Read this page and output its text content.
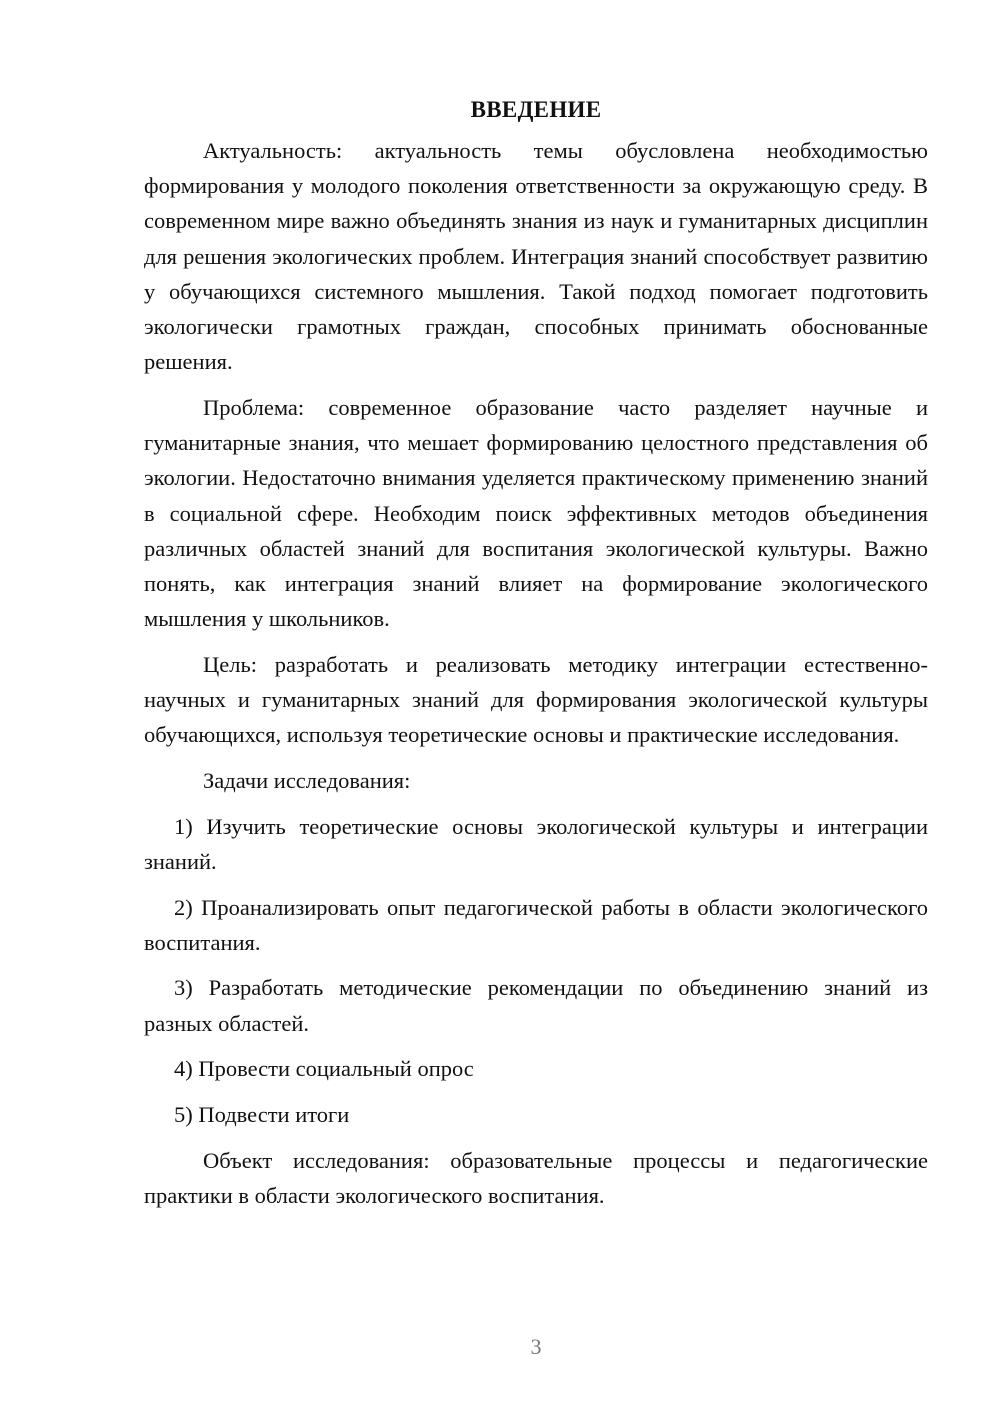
ВВЕДЕНИЕ

Актуальность: актуальность темы обусловлена необходимостью формирования у молодого поколения ответственности за окружающую среду. В современном мире важно объединять знания из наук и гуманитарных дисциплин для решения экологических проблем. Интеграция знаний способствует развитию у обучающихся системного мышления. Такой подход помогает подготовить экологически грамотных граждан, способных принимать обоснованные решения.

Проблема: современное образование часто разделяет научные и гуманитарные знания, что мешает формированию целостного представления об экологии. Недостаточно внимания уделяется практическому применению знаний в социальной сфере. Необходим поиск эффективных методов объединения различных областей знаний для воспитания экологической культуры. Важно понять, как интеграция знаний влияет на формирование экологического мышления у школьников.

Цель: разработать и реализовать методику интеграции естественно-научных и гуманитарных знаний для формирования экологической культуры обучающихся, используя теоретические основы и практические исследования.

Задачи исследования:

1) Изучить теоретические основы экологической культуры и интеграции знаний.

2) Проанализировать опыт педагогической работы в области экологического воспитания.

3) Разработать методические рекомендации по объединению знаний из разных областей.

4) Провести социальный опрос

5) Подвести итоги

Объект исследования: образовательные процессы и педагогические практики в области экологического воспитания.

3
